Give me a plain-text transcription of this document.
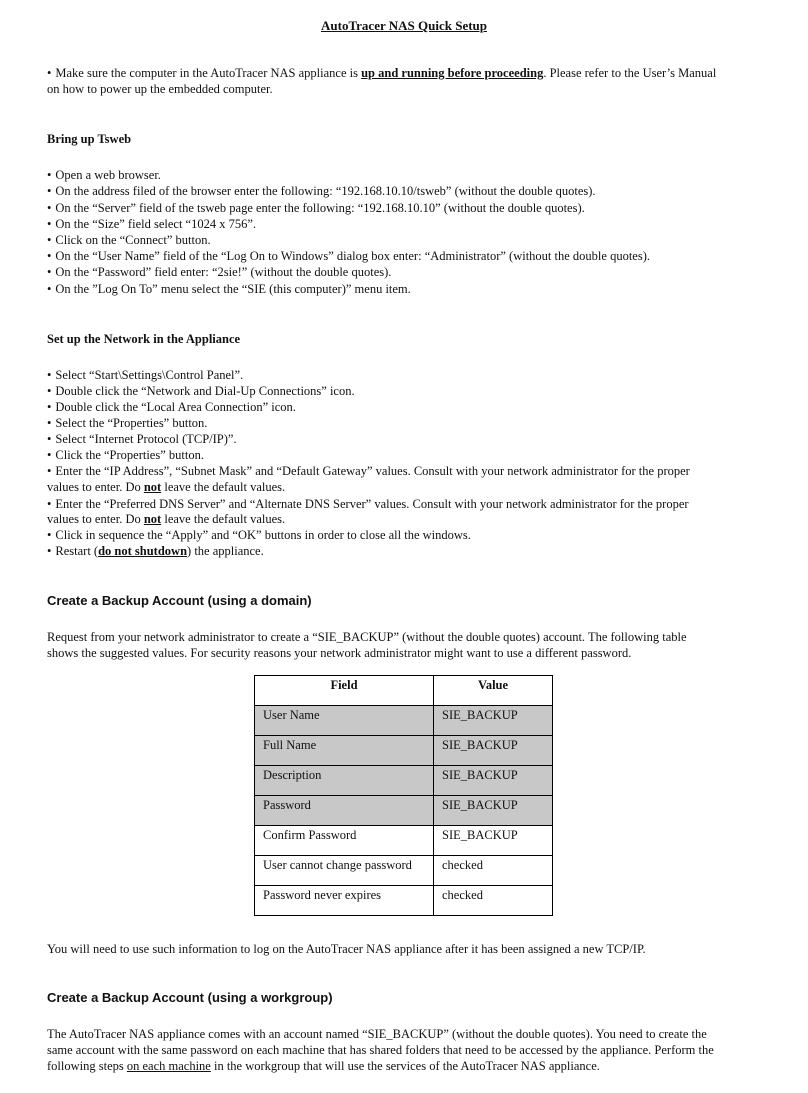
AutoTracer NAS Quick Setup
• Make sure the computer in the AutoTracer NAS appliance is up and running before proceeding. Please refer to the User’s Manual
on how to power up the embedded computer.
Bring up Tsweb
• Open a web browser.
• On the address filed of the browser enter the following: “192.168.10.10/tsweb” (without the double quotes).
• On the “Server” field of the tsweb page enter the following: “192.168.10.10” (without the double quotes).
• On the “Size” field select “1024 x 756”.
• Click on the “Connect” button.
• On the “User Name” field of the “Log On to Windows” dialog box enter: “Administrator” (without the double quotes).
• On the “Password” field enter: “2sie!” (without the double quotes).
• On the ”Log On To” menu select the “SIE (this computer)” menu item.
Set up the Network in the Appliance
• Select “Start\Settings\Control Panel”.
• Double click the “Network and Dial-Up Connections” icon.
• Double click the “Local Area Connection” icon.
• Select the “Properties” button.
• Select “Internet Protocol (TCP/IP)”.
• Click the “Properties” button.
• Enter the “IP Address”, “Subnet Mask” and “Default Gateway” values. Consult with your network administrator for the proper
values to enter. Do not leave the default values.
• Enter the “Preferred DNS Server” and “Alternate DNS Server” values. Consult with your network administrator for the proper
values to enter. Do not leave the default values.
• Click in sequence the “Apply” and “OK” buttons in order to close all the windows.
• Restart (do not shutdown) the appliance.
Create a Backup Account (using a domain)
Request from your network administrator to create a “SIE_BACKUP” (without the double quotes) account. The following table
shows the suggested values. For security reasons your network administrator might want to use a different password.
Field	Value
User Name	SIE_BACKUP
Full Name	SIE_BACKUP
Description	SIE_BACKUP
Password	SIE_BACKUP
Confirm Password	SIE_BACKUP
User cannot change password	checked
Password never expires	checked
You will need to use such information to log on the AutoTracer NAS appliance after it has been assigned a new TCP/IP.
Create a Backup Account (using a workgroup)
The AutoTracer NAS appliance comes with an account named “SIE_BACKUP” (without the double quotes). You need to create the
same account with the same password on each machine that has shared folders that need to be accessed by the appliance. Perform the
following steps on each machine in the workgroup that will use the services of the AutoTracer NAS appliance.
